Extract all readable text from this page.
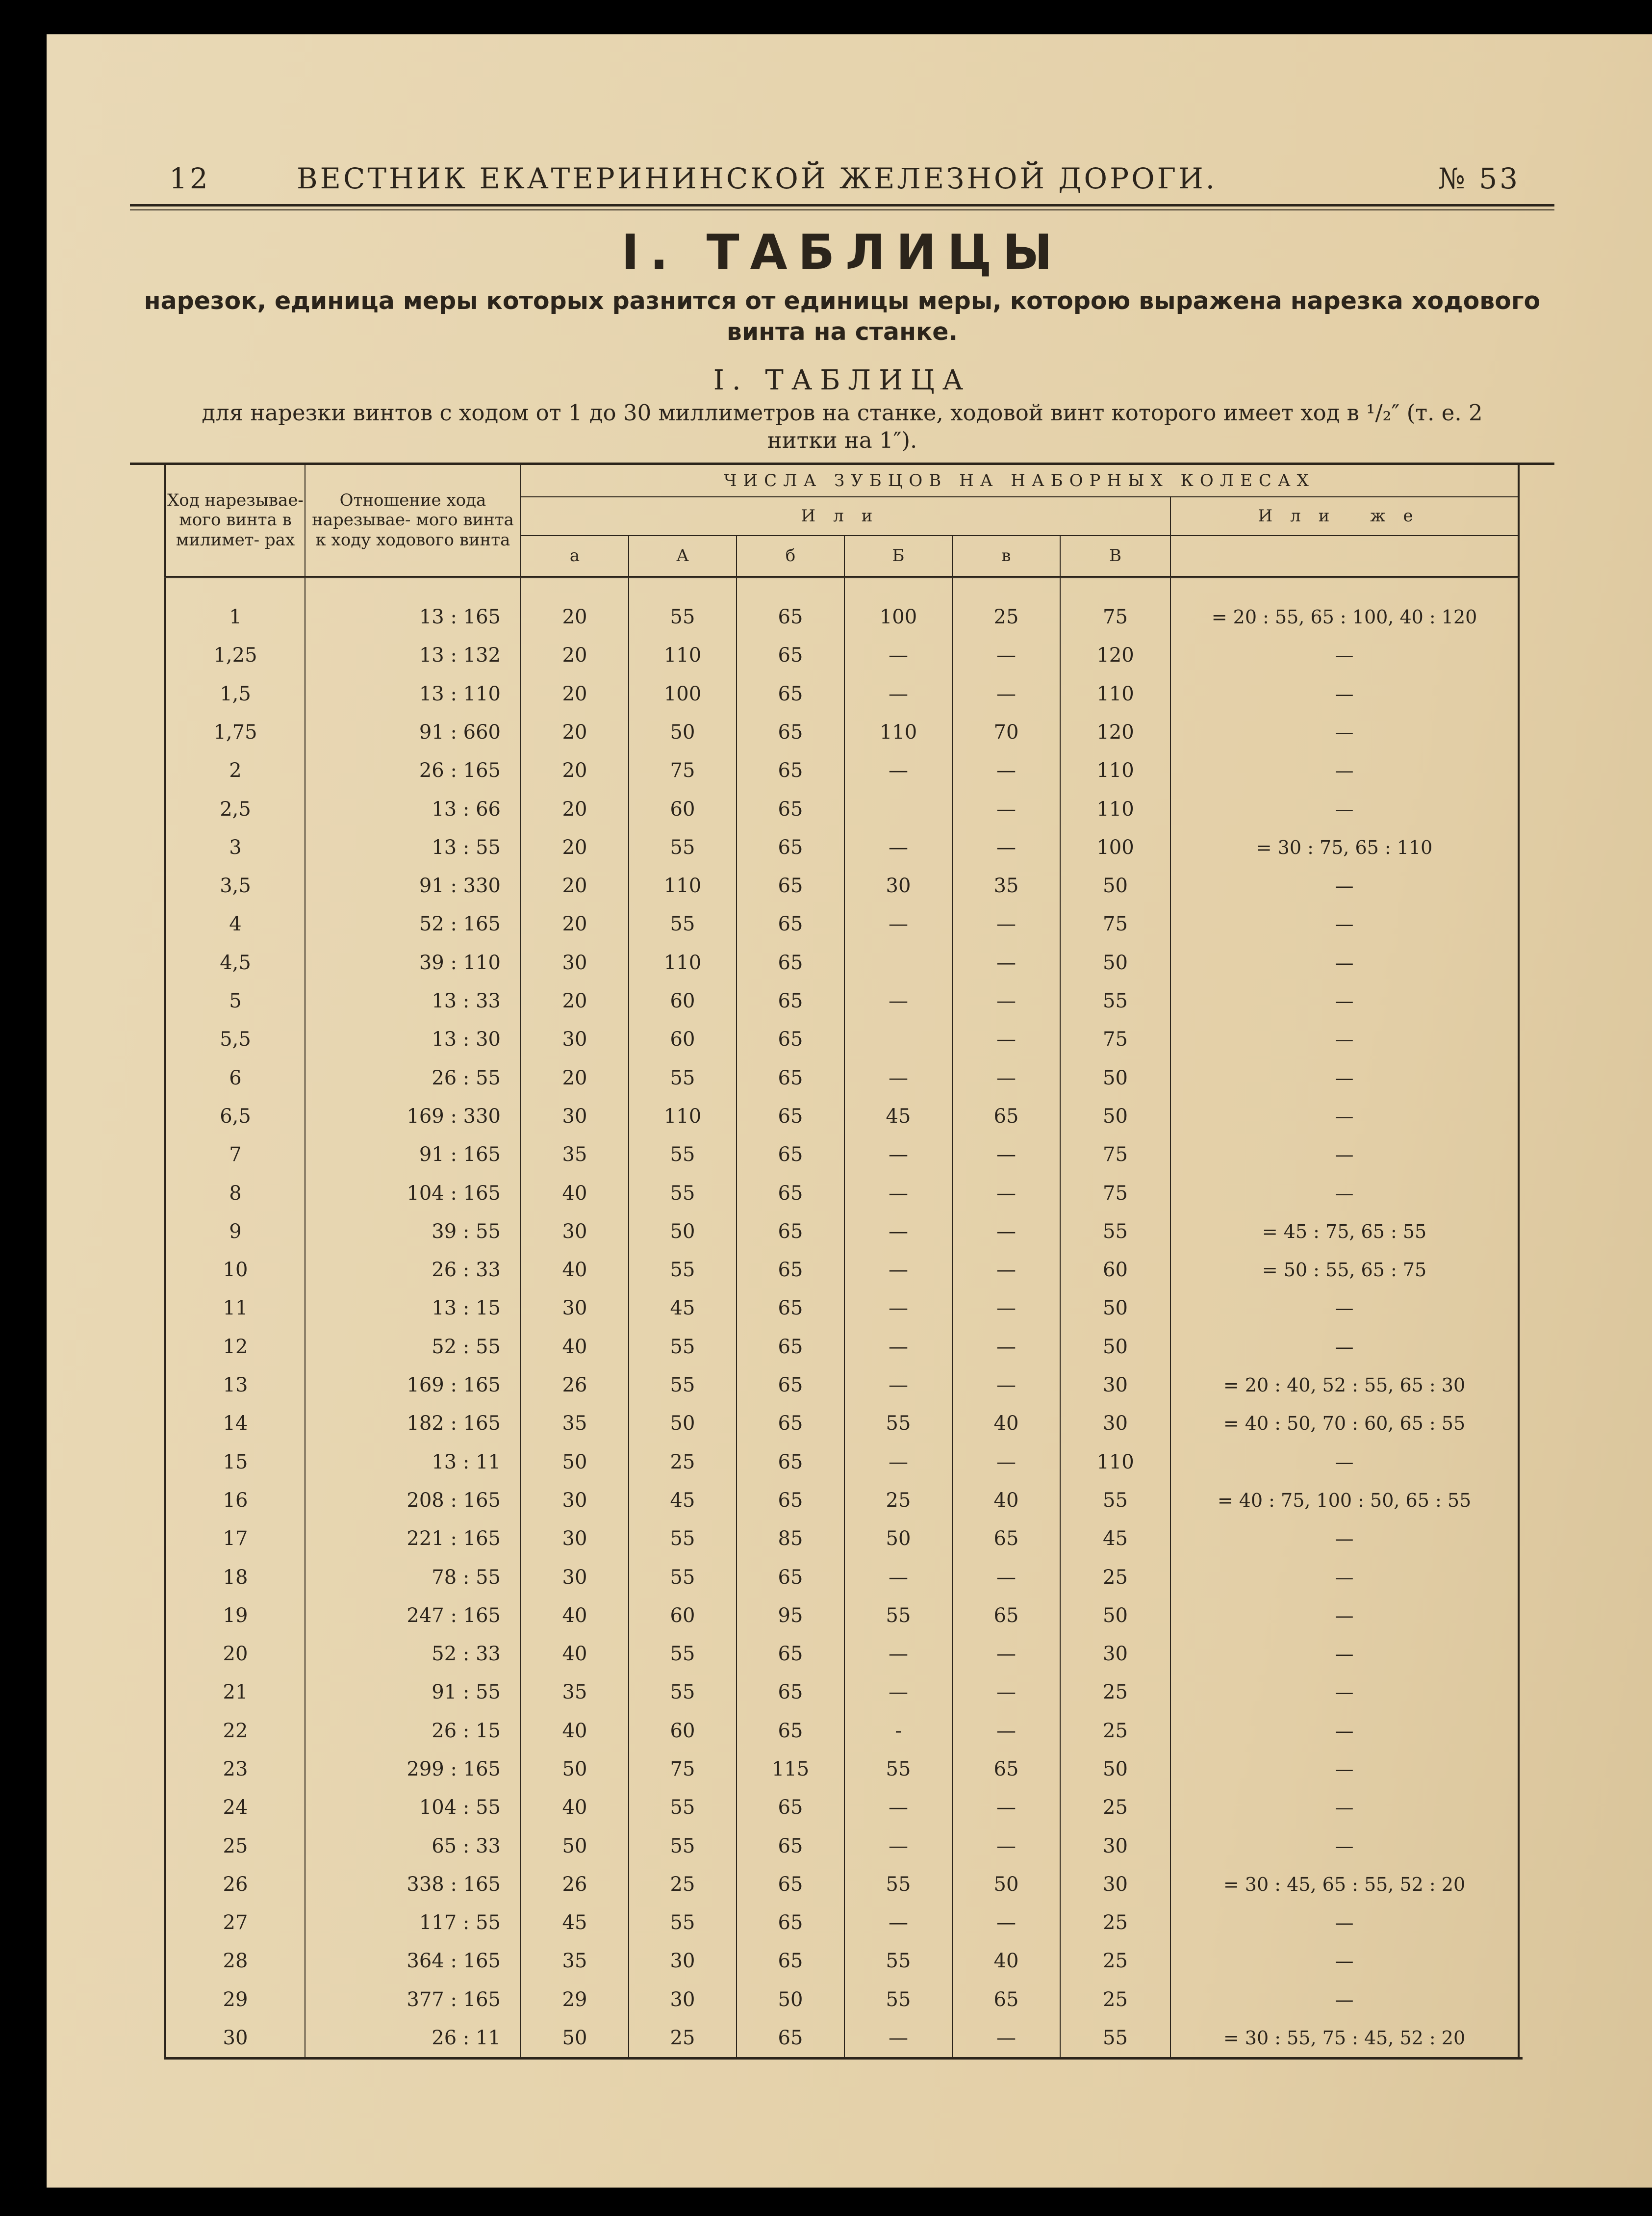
12	ВЕСТНИК ЕКАТЕРИНИНСКОЙ ЖЕЛЕЗНОЙ ДОРОГИ.	№ 53
I. ТАБЛИЦЫ
нарезок, единица меры которых разнится от единицы меры, которою выражена нарезка ходового винта на станке.
I. ТАБЛИЦА
для нарезки винтов с ходом от 1 до 30 миллиметров на станке, ходовой винт которого имеет ход в ¹/₂″ (т. е. 2 нитки на 1″).
Ход нарезывае- мого винта в милимет- рах	Отношение хода нарезывае- мого винта к ходу ходового винта	ЧИСЛА ЗУБЦОВ НА НАБОРНЫХ КОЛЕСАХ						
		Или						Или же
		а	А	б	Б	в	В	

1	13 : 165	20	55	65	100	25	75	= 20 : 55, 65 : 100, 40 : 120
1,25	13 : 132	20	110	65	—	—	120	—
1,5	13 : 110	20	100	65	—	—	110	—
1,75	91 : 660	20	50	65	110	70	120	—
2	26 : 165	20	75	65	—	—	110	—
2,5	13 : 66	20	60	65		—	110	—
3	13 : 55	20	55	65	—	—	100	= 30 : 75, 65 : 110
3,5	91 : 330	20	110	65	30	35	50	—
4	52 : 165	20	55	65	—	—	75	—
4,5	39 : 110	30	110	65		—	50	—
5	13 : 33	20	60	65	—	—	55	—
5,5	13 : 30	30	60	65		—	75	—
6	26 : 55	20	55	65	—	—	50	—
6,5	169 : 330	30	110	65	45	65	50	—
7	91 : 165	35	55	65	—	—	75	—
8	104 : 165	40	55	65	—	—	75	—
9	39 : 55	30	50	65	—	—	55	= 45 : 75, 65 : 55
10	26 : 33	40	55	65	—	—	60	= 50 : 55, 65 : 75
11	13 : 15	30	45	65	—	—	50	—
12	52 : 55	40	55	65	—	—	50	—
13	169 : 165	26	55	65	—	—	30	= 20 : 40, 52 : 55, 65 : 30
14	182 : 165	35	50	65	55	40	30	= 40 : 50, 70 : 60, 65 : 55
15	13 : 11	50	25	65	—	—	110	—
16	208 : 165	30	45	65	25	40	55	= 40 : 75, 100 : 50, 65 : 55
17	221 : 165	30	55	85	50	65	45	—
18	78 : 55	30	55	65	—	—	25	—
19	247 : 165	40	60	95	55	65	50	—
20	52 : 33	40	55	65	—	—	30	—
21	91 : 55	35	55	65	—	—	25	—
22	26 : 15	40	60	65	-	—	25	—
23	299 : 165	50	75	115	55	65	50	—
24	104 : 55	40	55	65	—	—	25	—
25	65 : 33	50	55	65	—	—	30	—
26	338 : 165	26	25	65	55	50	30	= 30 : 45, 65 : 55, 52 : 20
27	117 : 55	45	55	65	—	—	25	—
28	364 : 165	35	30	65	55	40	25	—
29	377 : 165	29	30	50	55	65	25	—
30	26 : 11	50	25	65	—	—	55	= 30 : 55, 75 : 45, 52 : 20
